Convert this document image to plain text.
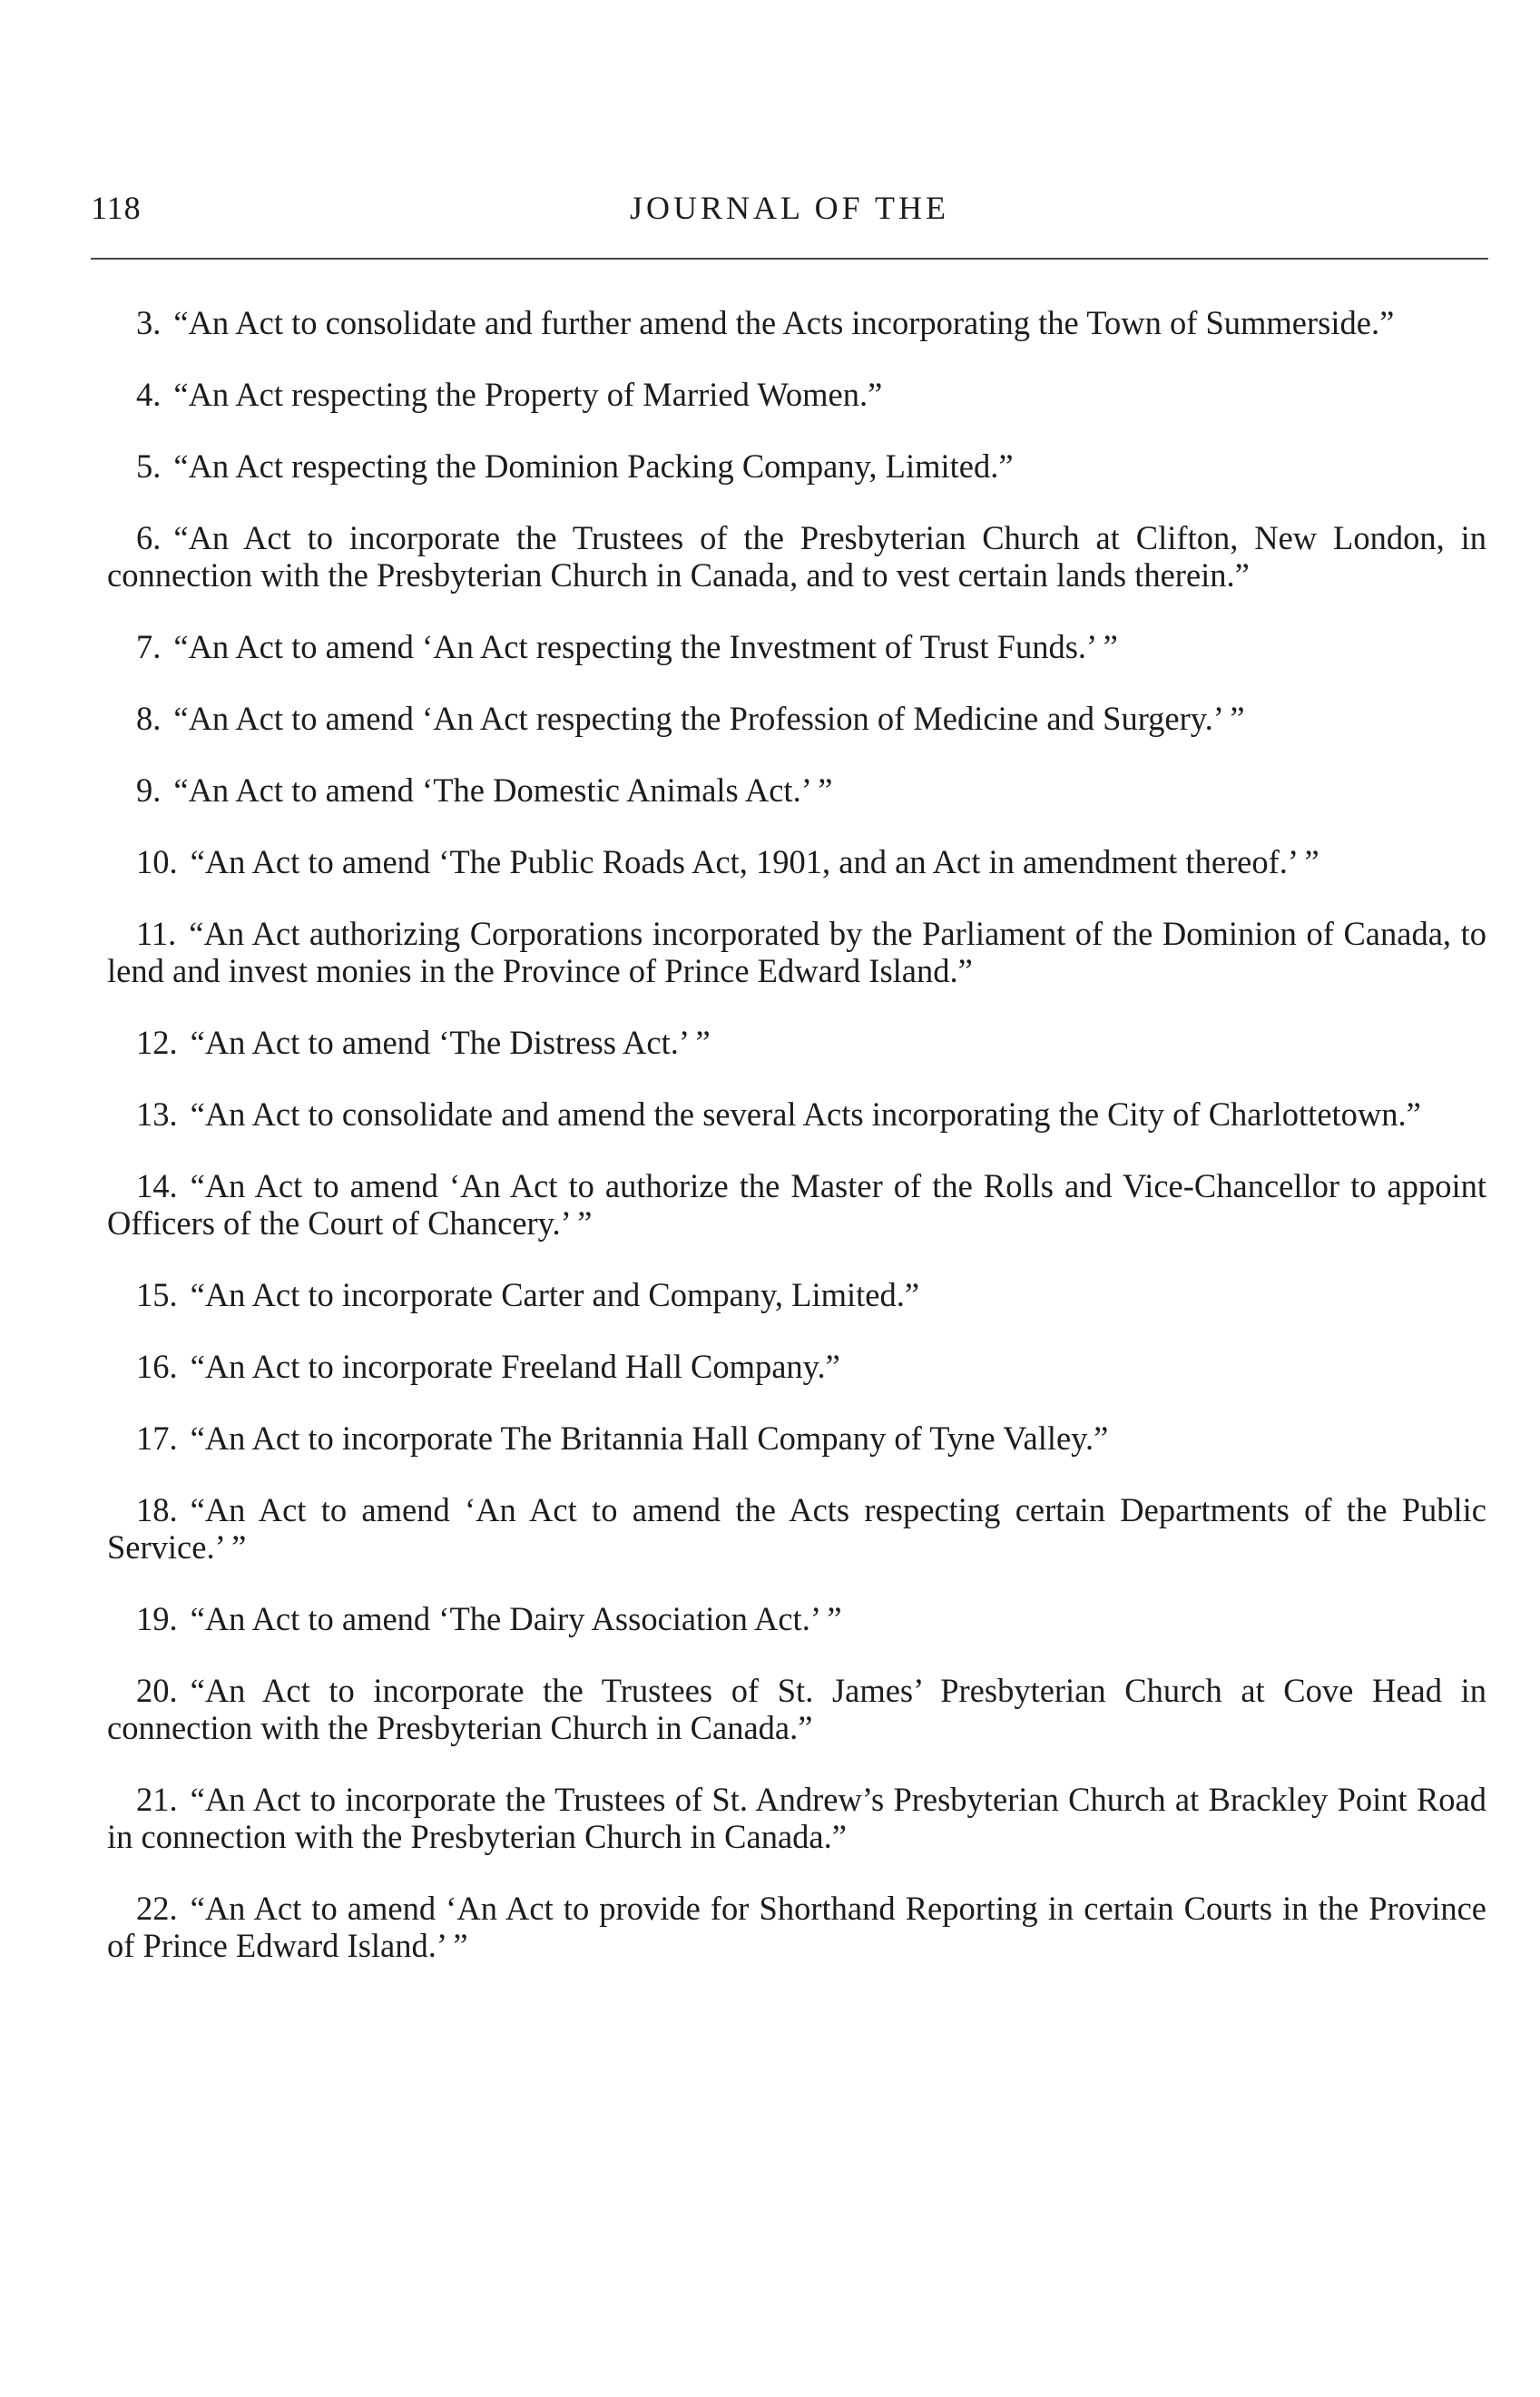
118	JOURNAL OF THE
3. “An Act to consolidate and further amend the Acts incorporating the Town of Summerside.”
4. “An Act respecting the Property of Married Women.”
5. “An Act respecting the Dominion Packing Company, Limited.”
6. “An Act to incorporate the Trustees of the Presbyterian Church at Clifton, New London, in connection with the Presbyterian Church in Canada, and to vest certain lands therein.”
7. “An Act to amend ‘An Act respecting the Investment of Trust Funds.’ ”
8. “An Act to amend ‘An Act respecting the Profession of Medicine and Surgery.’ ”
9. “An Act to amend ‘The Domestic Animals Act.’ ”
10. “An Act to amend ‘The Public Roads Act, 1901, and an Act in amendment thereof.’ ”
11. “An Act authorizing Corporations incorporated by the Parliament of the Dominion of Canada, to lend and invest monies in the Province of Prince Edward Island.”
12. “An Act to amend ‘The Distress Act.’ ”
13. “An Act to consolidate and amend the several Acts incorporating the City of Charlottetown.”
14. “An Act to amend ‘An Act to authorize the Master of the Rolls and Vice-Chancellor to appoint Officers of the Court of Chancery.’ ”
15. “An Act to incorporate Carter and Company, Limited.”
16. “An Act to incorporate Freeland Hall Company.”
17. “An Act to incorporate The Britannia Hall Company of Tyne Valley.”
18. “An Act to amend ‘An Act to amend the Acts respecting certain Departments of the Public Service.’ ”
19. “An Act to amend ‘The Dairy Association Act.’ ”
20. “An Act to incorporate the Trustees of St. James’ Presbyterian Church at Cove Head in connection with the Presbyterian Church in Canada.”
21. “An Act to incorporate the Trustees of St. Andrew’s Presbyterian Church at Brackley Point Road in connection with the Presbyterian Church in Canada.”
22. “An Act to amend ‘An Act to provide for Shorthand Reporting in certain Courts in the Province of Prince Edward Island.’ ”
